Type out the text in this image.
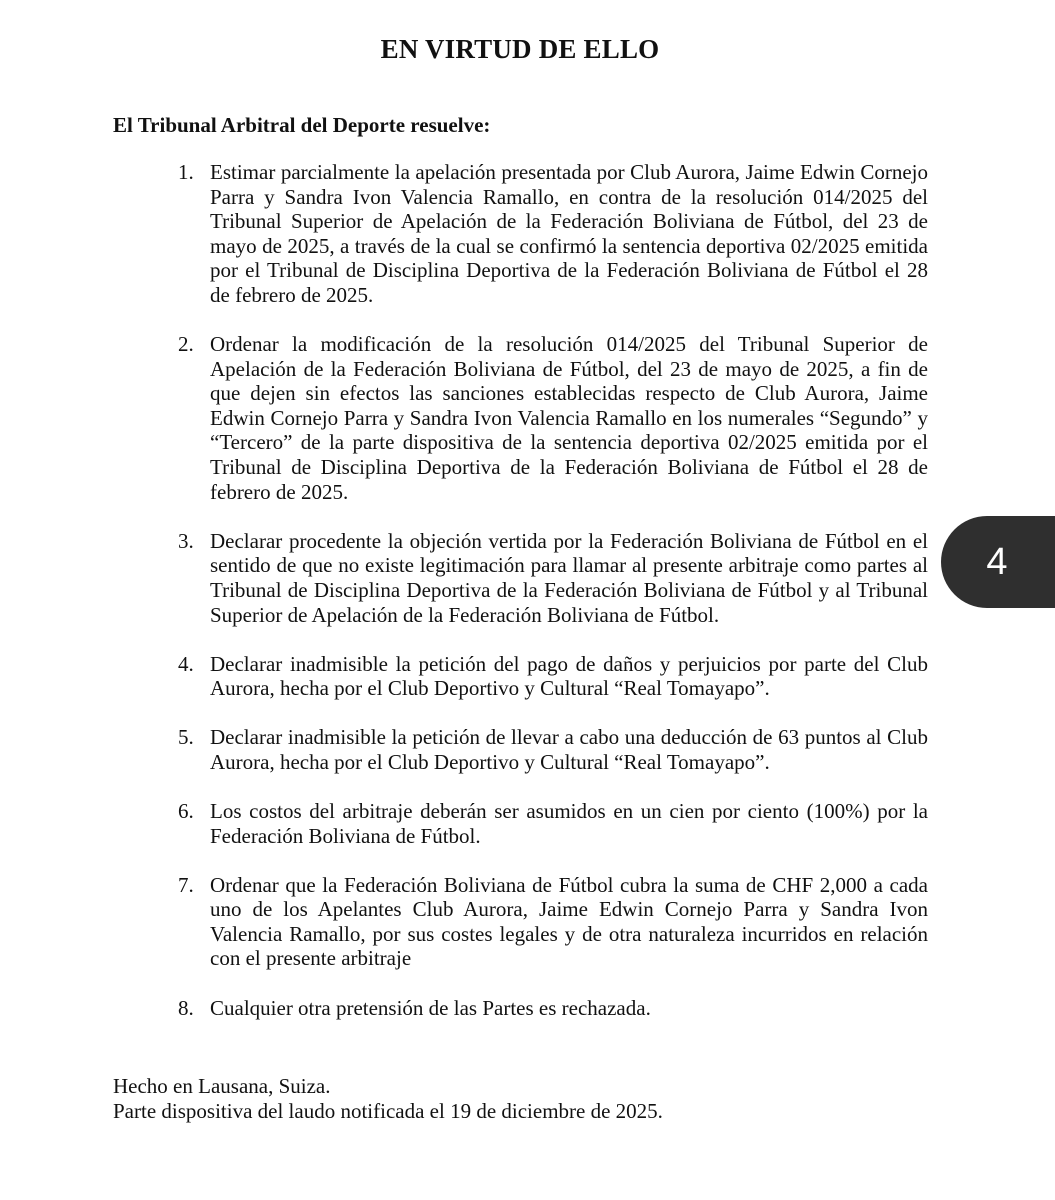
EN VIRTUD DE ELLO
El Tribunal Arbitral del Deporte resuelve:
1. Estimar parcialmente la apelación presentada por Club Aurora, Jaime Edwin Cornejo Parra y Sandra Ivon Valencia Ramallo, en contra de la resolución 014/2025 del Tribunal Superior de Apelación de la Federación Boliviana de Fútbol, del 23 de mayo de 2025, a través de la cual se confirmó la sentencia deportiva 02/2025 emitida por el Tribunal de Disciplina Deportiva de la Federación Boliviana de Fútbol el 28 de febrero de 2025.
2. Ordenar la modificación de la resolución 014/2025 del Tribunal Superior de Apelación de la Federación Boliviana de Fútbol, del 23 de mayo de 2025, a fin de que dejen sin efectos las sanciones establecidas respecto de Club Aurora, Jaime Edwin Cornejo Parra y Sandra Ivon Valencia Ramallo en los numerales “Segundo” y “Tercero” de la parte dispositiva de la sentencia deportiva 02/2025 emitida por el Tribunal de Disciplina Deportiva de la Federación Boliviana de Fútbol el 28 de febrero de 2025.
3. Declarar procedente la objeción vertida por la Federación Boliviana de Fútbol en el sentido de que no existe legitimación para llamar al presente arbitraje como partes al Tribunal de Disciplina Deportiva de la Federación Boliviana de Fútbol y al Tribunal Superior de Apelación de la Federación Boliviana de Fútbol.
4. Declarar inadmisible la petición del pago de daños y perjuicios por parte del Club Aurora, hecha por el Club Deportivo y Cultural “Real Tomayapo”.
5. Declarar inadmisible la petición de llevar a cabo una deducción de 63 puntos al Club Aurora, hecha por el Club Deportivo y Cultural “Real Tomayapo”.
6. Los costos del arbitraje deberán ser asumidos en un cien por ciento (100%) por la Federación Boliviana de Fútbol.
7. Ordenar que la Federación Boliviana de Fútbol cubra la suma de CHF 2,000 a cada uno de los Apelantes Club Aurora, Jaime Edwin Cornejo Parra y Sandra Ivon Valencia Ramallo, por sus costes legales y de otra naturaleza incurridos en relación con el presente arbitraje
8. Cualquier otra pretensión de las Partes es rechazada.
Hecho en Lausana, Suiza.
Parte dispositiva del laudo notificada el 19 de diciembre de 2025.
4
